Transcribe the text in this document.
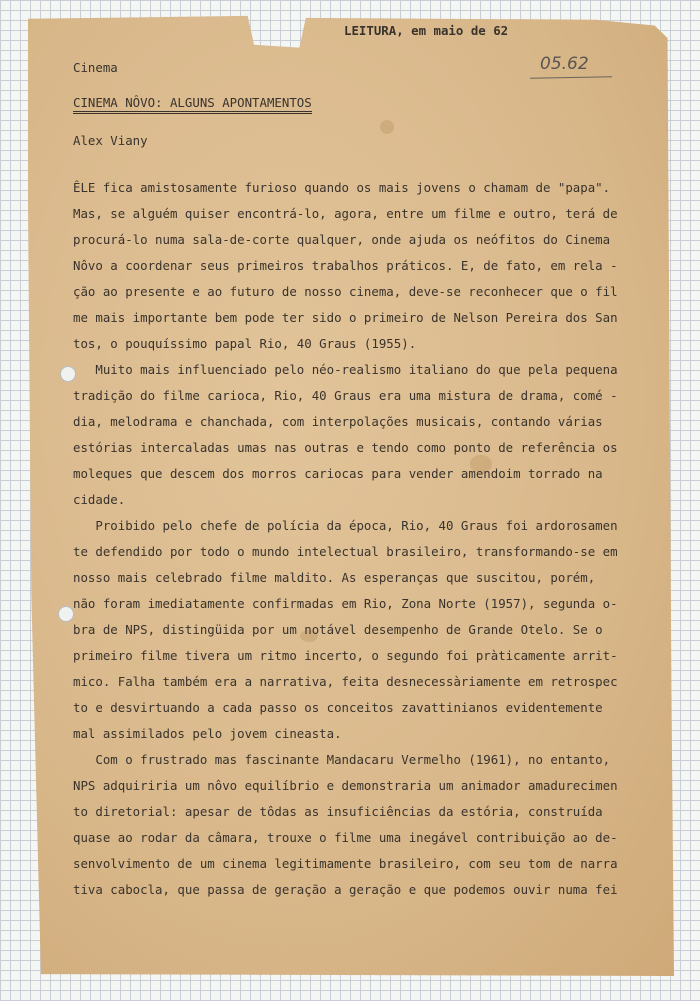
LEITURA, em maio de 62
05.62
Cinema
CINEMA NÔVO: ALGUNS APONTAMENTOS
Alex Viany
ÊLE fica amistosamente furioso quando os mais jovens o chamam de "papa".
Mas, se alguém quiser encontrá-lo, agora, entre um filme e outro, terá de
procurá-lo numa sala-de-corte qualquer, onde ajuda os neófitos do Cinema
Nôvo a coordenar seus primeiros trabalhos práticos. E, de fato, em rela -
ção ao presente e ao futuro de nosso cinema, deve-se reconhecer que o fil
me mais importante bem pode ter sido o primeiro de Nelson Pereira dos San
tos, o pouquíssimo papal Rio, 40 Graus (1955).
Muito mais influenciado pelo néo-realismo italiano do que pela pequena
tradição do filme carioca, Rio, 40 Graus era uma mistura de drama, comé -
dia, melodrama e chanchada, com interpolações musicais, contando várias
estórias intercaladas umas nas outras e tendo como ponto de referência os
moleques que descem dos morros cariocas para vender amendoim torrado na
cidade.
Proibido pelo chefe de polícia da época, Rio, 40 Graus foi ardorosamen
te defendido por todo o mundo intelectual brasileiro, transformando-se em
nosso mais celebrado filme maldito. As esperanças que suscitou, porém,
não foram imediatamente confirmadas em Rio, Zona Norte (1957), segunda o-
bra de NPS, distingüida por um notável desempenho de Grande Otelo. Se o
primeiro filme tivera um ritmo incerto, o segundo foi pràticamente arrit-
mico. Falha também era a narrativa, feita desnecessàriamente em retrospec
to e desvirtuando a cada passo os conceitos zavattinianos evidentemente
mal assimilados pelo jovem cineasta.
Com o frustrado mas fascinante Mandacaru Vermelho (1961), no entanto,
NPS adquiriria um nôvo equilíbrio e demonstraria um animador amadurecimen
to diretorial: apesar de tôdas as insuficiências da estória, construída
quase ao rodar da câmara, trouxe o filme uma inegável contribuição ao de-
senvolvimento de um cinema legitimamente brasileiro, com seu tom de narra
tiva cabocla, que passa de geração a geração e que podemos ouvir numa fei
